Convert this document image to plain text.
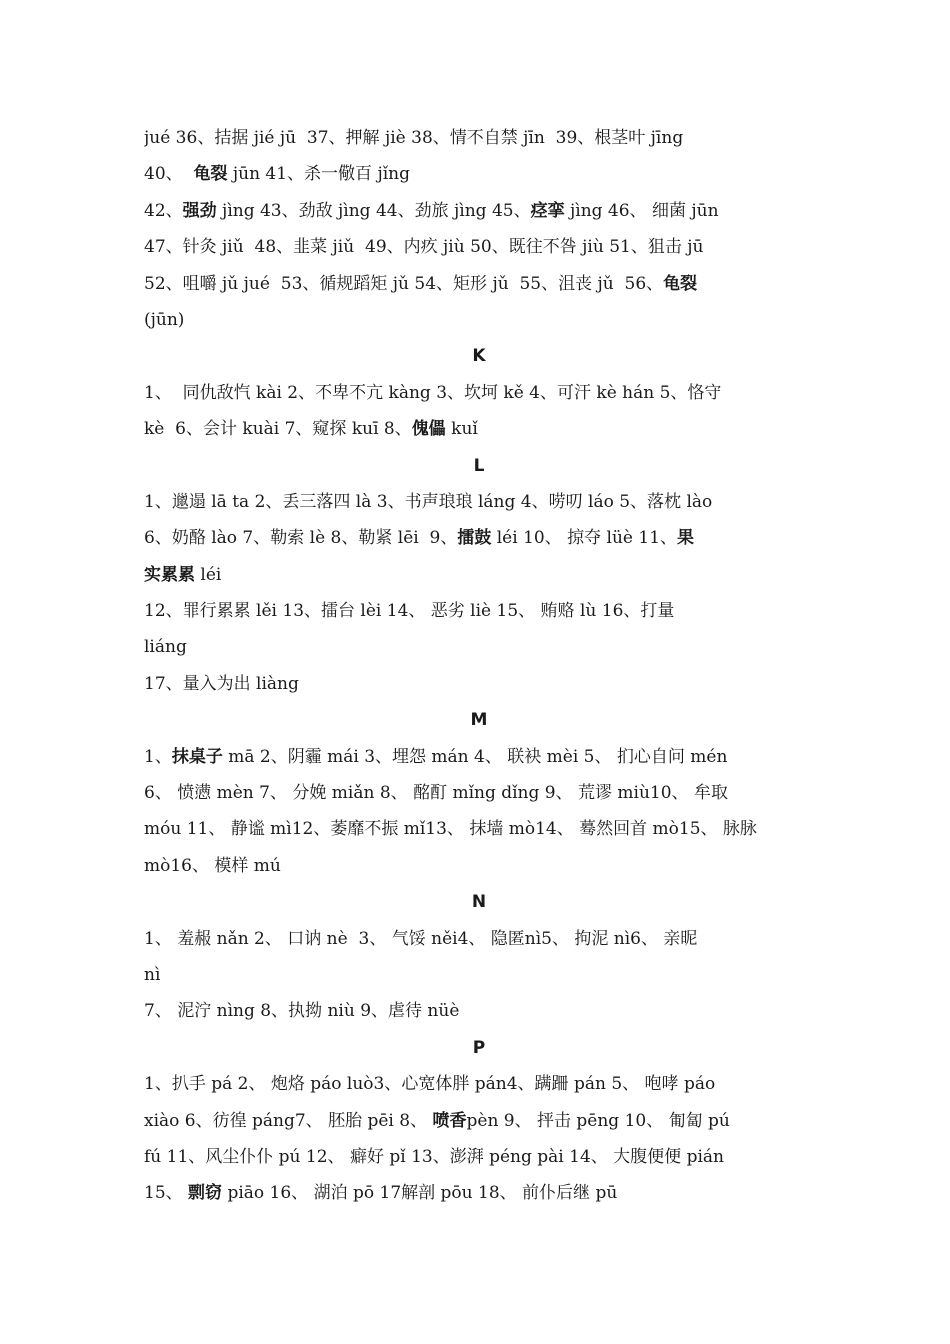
jué 36、拮据 jié jū  37、押解 jiè 38、情不自禁 jīn  39、根茎叶 jīng
40、  龟裂 jūn 41、杀一儆百 jǐng
42、强劲 jìng 43、劲敌 jìng 44、劲旅 jìng 45、痉挛 jìng 46、 细菌 jūn
47、针灸 jiǔ  48、韭菜 jiǔ  49、内疚 jiù 50、既往不咎 jiù 51、狙击 jū
52、咀嚼 jǔ jué  53、循规蹈矩 jǔ 54、矩形 jǔ  55、沮丧 jǔ  56、龟裂
(jūn)
K
1、  同仇敌忾 kài 2、不卑不亢 kàng 3、坎坷 kě 4、可汗 kè hán 5、恪守
kè  6、会计 kuài 7、窥探 kuī 8、傀儡 kuǐ
L
1、邋遢 lā ta 2、丢三落四 là 3、书声琅琅 láng 4、唠叨 láo 5、落枕 lào
6、奶酪 lào 7、勒索 lè 8、勒紧 lēi  9、擂鼓 léi 10、 掠夺 lüè 11、果
实累累 léi
12、罪行累累 lěi 13、擂台 lèi 14、 恶劣 liè 15、 贿赂 lù 16、打量
liáng
17、量入为出 liàng
M
1、抹桌子 mā 2、阴霾 mái 3、埋怨 mán 4、 联袂 mèi 5、 扪心自问 mén
6、 愤懑 mèn 7、 分娩 miǎn 8、 酩酊 mǐng dǐng 9、 荒谬 miù10、 牟取
móu 11、 静谧 mì12、萎靡不振 mǐ13、 抹墙 mò14、 蓦然回首 mò15、 脉脉
mò16、 模样 mú
N
1、 羞赧 nǎn 2、 口讷 nè  3、 气馁 něi4、 隐匿nì5、 拘泥 nì6、 亲昵
nì
7、 泥泞 nìng 8、执拗 niù 9、虐待 nüè
P
1、扒手 pá 2、 炮烙 páo luò3、心宽体胖 pán4、蹒跚 pán 5、 咆哮 páo
xiào 6、彷徨 páng7、 胚胎 pēi 8、 喷香pèn 9、 抨击 pēng 10、 匍匐 pú
fú 11、风尘仆仆 pú 12、 癖好 pǐ 13、澎湃 péng pài 14、 大腹便便 pián
15、 剽窃 piāo 16、 湖泊 pō 17解剖 pōu 18、 前仆后继 pū
